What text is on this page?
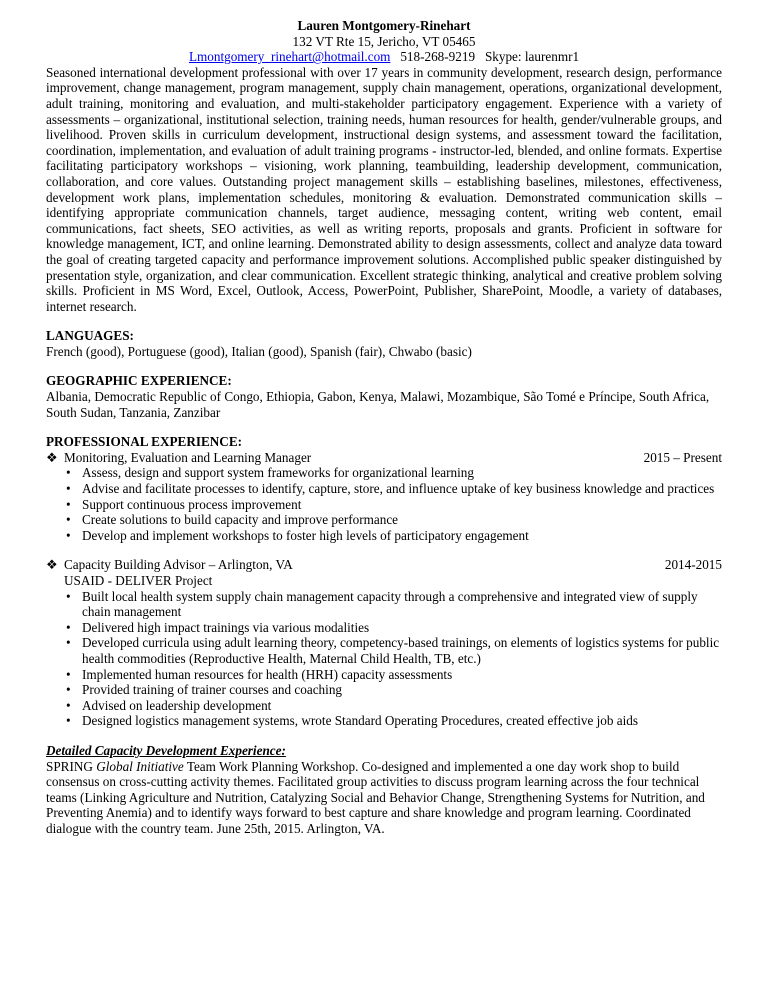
Lauren Montgomery-Rinehart
132 VT Rte 15, Jericho, VT 05465
Lmontgomery_rinehart@hotmail.com 518-268-9219 Skype: laurenmr1

Seasoned international development professional with over 17 years in community development, research design, performance improvement, change management, program management, supply chain management, operations, organizational development, adult training, monitoring and evaluation, and multi-stakeholder participatory engagement. Experience with a variety of assessments – organizational, institutional selection, training needs, human resources for health, gender/vulnerable groups, and livelihood. Proven skills in curriculum development, instructional design systems, and assessment toward the facilitation, coordination, implementation, and evaluation of adult training programs - instructor-led, blended, and online formats. Expertise facilitating participatory workshops – visioning, work planning, teambuilding, leadership development, communication, collaboration, and core values. Outstanding project management skills – establishing baselines, milestones, effectiveness, development work plans, implementation schedules, monitoring & evaluation. Demonstrated communication skills – identifying appropriate communication channels, target audience, messaging content, writing web content, email communications, fact sheets, SEO activities, as well as writing reports, proposals and grants. Proficient in software for knowledge management, ICT, and online learning. Demonstrated ability to design assessments, collect and analyze data toward the goal of creating targeted capacity and performance improvement solutions. Accomplished public speaker distinguished by presentation style, organization, and clear communication. Excellent strategic thinking, analytical and creative problem solving skills. Proficient in MS Word, Excel, Outlook, Access, PowerPoint, Publisher, SharePoint, Moodle, a variety of databases, internet research.

LANGUAGES:
French (good), Portuguese (good), Italian (good), Spanish (fair), Chwabo (basic)
GEOGRAPHIC EXPERIENCE:
Albania, Democratic Republic of Congo, Ethiopia, Gabon, Kenya, Malawi, Mozambique, São Tomé e Príncipe, South Africa, South Sudan, Tanzania, Zanzibar
PROFESSIONAL EXPERIENCE:
❖ Monitoring, Evaluation and Learning Manager	2015 – Present
• Assess, design and support system frameworks for organizational learning
• Advise and facilitate processes to identify, capture, store, and influence uptake of key business knowledge and practices
• Support continuous process improvement
• Create solutions to build capacity and improve performance
• Develop and implement workshops to foster high levels of participatory engagement
❖ Capacity Building Advisor – Arlington, VA	2014-2015
USAID - DELIVER Project
• Built local health system supply chain management capacity through a comprehensive and integrated view of supply chain management
• Delivered high impact trainings via various modalities
• Developed curricula using adult learning theory, competency-based trainings, on elements of logistics systems for public health commodities (Reproductive Health, Maternal Child Health, TB, etc.)
• Implemented human resources for health (HRH) capacity assessments
• Provided training of trainer courses and coaching
• Advised on leadership development
• Designed logistics management systems, wrote Standard Operating Procedures, created effective job aids
Detailed Capacity Development Experience:

SPRING Global Initiative Team Work Planning Workshop. Co-designed and implemented a one day work shop to build consensus on cross-cutting activity themes. Facilitated group activities to discuss program learning across the four technical teams (Linking Agriculture and Nutrition, Catalyzing Social and Behavior Change, Strengthening Systems for Nutrition, and Preventing Anemia) and to identify ways forward to best capture and share knowledge and program learning. Coordinated dialogue with the country team. June 25th, 2015. Arlington, VA.
